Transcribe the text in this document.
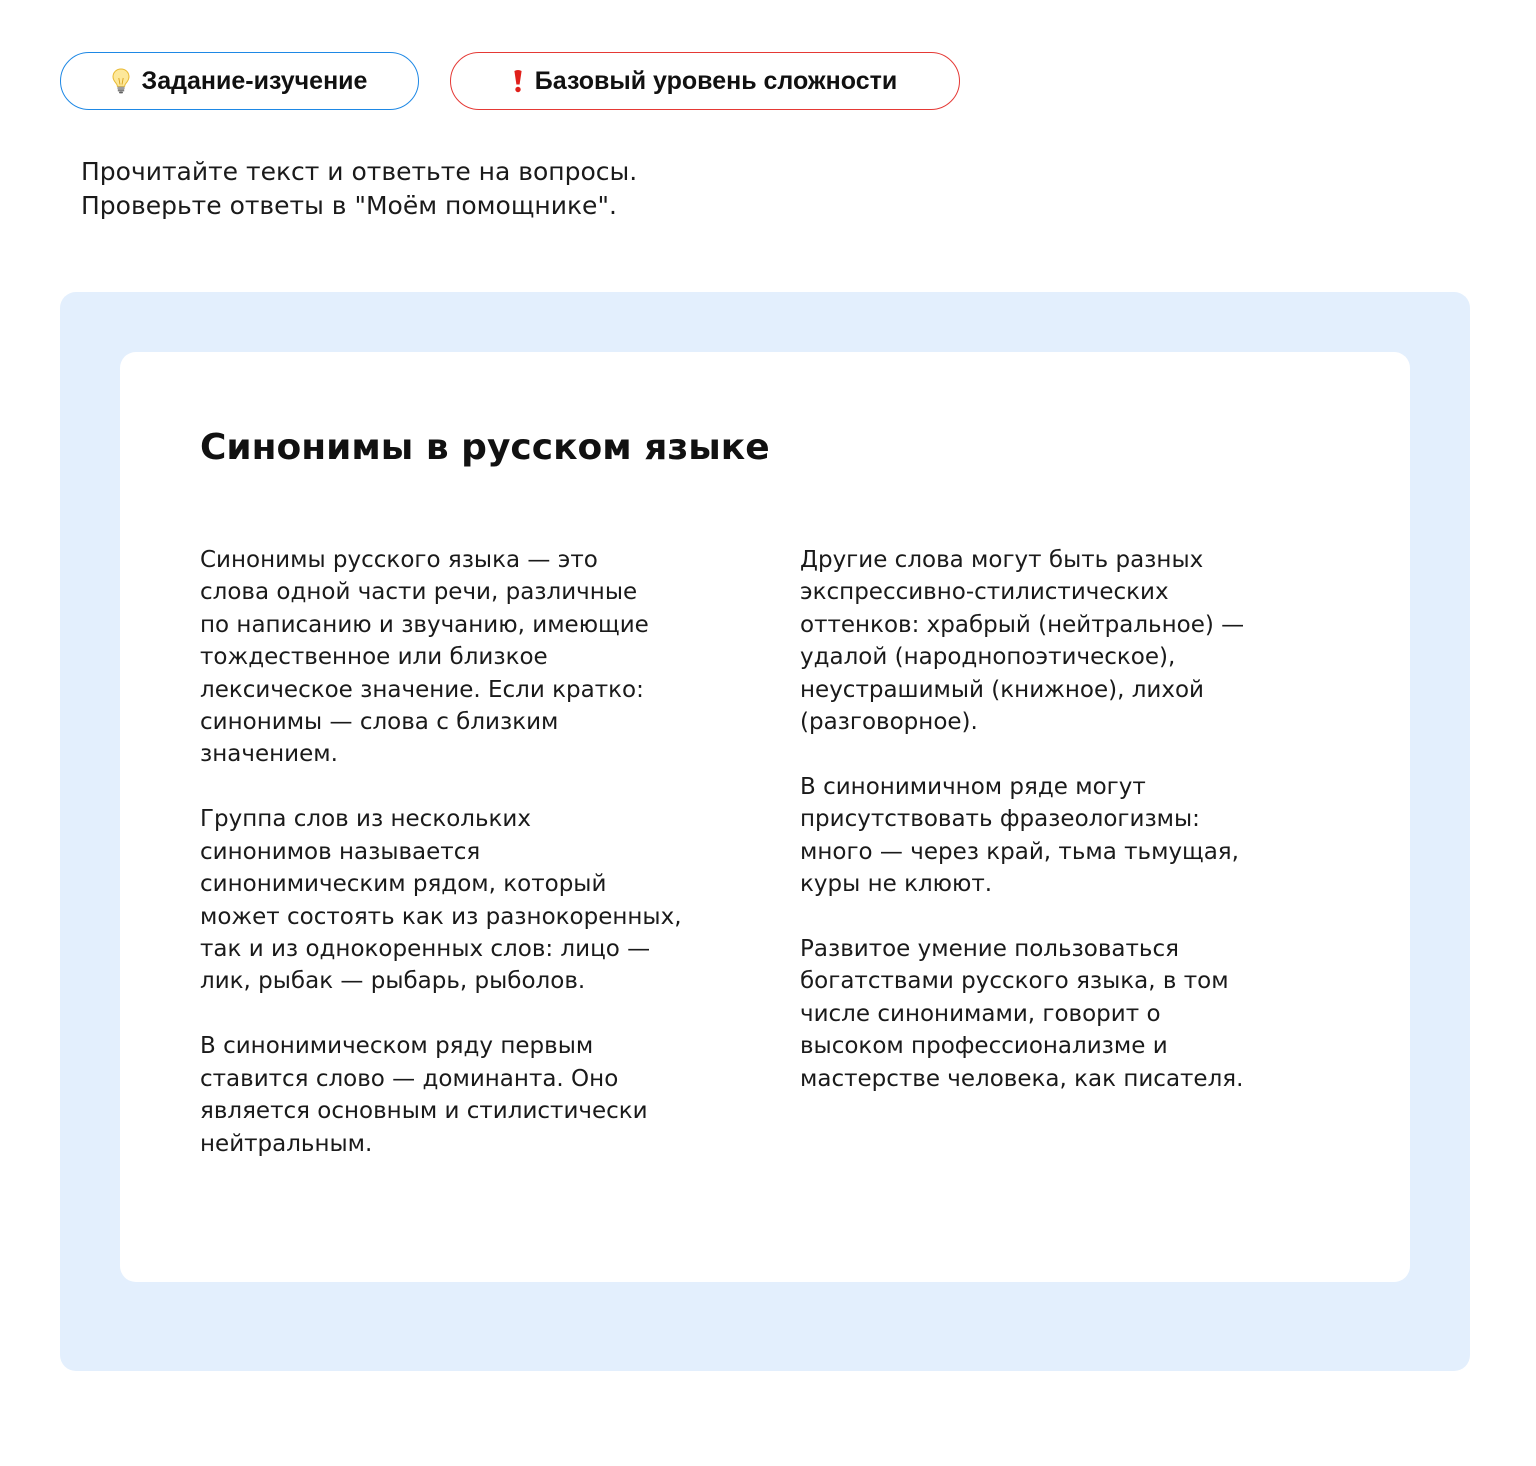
Задание-изучение	Базовый уровень сложности
Прочитайте текст и ответьте на вопросы.
Проверьте ответы в "Моём помощнике".
Синонимы в русском языке

Синонимы русского языка — это
слова одной части речи, различные
по написанию и звучанию, имеющие
тождественное или близкое
лексическое значение. Если кратко:
синонимы — слова с близким
значением.

Группа слов из нескольких
синонимов называется
синонимическим рядом, который
может состоять как из разнокоренных,
так и из однокоренных слов: лицо —
лик, рыбак — рыбарь, рыболов.

В синонимическом ряду первым
ставится слово — доминанта. Оно
является основным и стилистически
нейтральным.

Другие слова могут быть разных
экспрессивно-стилистических
оттенков: храбрый (нейтральное) —
удалой (народнопоэтическое),
неустрашимый (книжное), лихой
(разговорное).

В синонимичном ряде могут
присутствовать фразеологизмы:
много — через край, тьма тьмущая,
куры не клюют.

Развитое умение пользоваться
богатствами русского языка, в том
числе синонимами, говорит о
высоком профессионализме и
мастерстве человека, как писателя.
